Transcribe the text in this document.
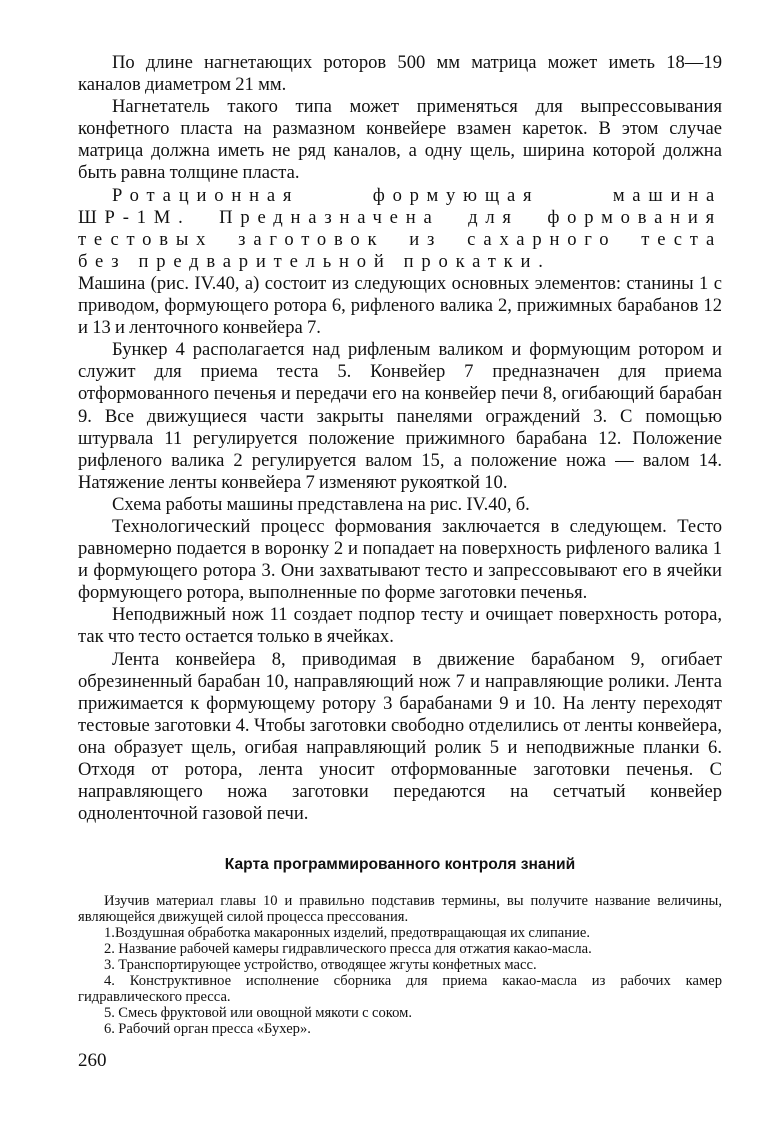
По длине нагнетающих роторов 500 мм матрица может иметь 18—19 каналов диаметром 21 мм.

Нагнетатель такого типа может применяться для выпрессовывания конфетного пласта на размазном конвейере взамен кареток. В этом случае матрица должна иметь не ряд каналов, а одну щель, ширина которой должна быть равна толщине пласта.

Ротационная формующая машина ШР-1М. Предназначена для формования тестовых заготовок из сахарного теста без предварительной прокатки.

Машина (рис. IV.40, а) состоит из следующих основных элементов: станины 1 с приводом, формующего ротора 6, рифленого валика 2, прижимных барабанов 12 и 13 и ленточного конвейера 7.

Бункер 4 располагается над рифленым валиком и формующим ротором и служит для приема теста 5. Конвейер 7 предназначен для приема отформованного печенья и передачи его на конвейер печи 8, огибающий барабан 9. Все движущиеся части закрыты панелями ограждений 3. С помощью штурвала 11 регулируется положение прижимного барабана 12. Положение рифленого валика 2 регулируется валом 15, а положение ножа — валом 14. Натяжение ленты конвейера 7 изменяют рукояткой 10.

Схема работы машины представлена на рис. IV.40, б.

Технологический процесс формования заключается в следующем. Тесто равномерно подается в воронку 2 и попадает на поверхность рифленого валика 1 и формующего ротора 3. Они захватывают тесто и запрессовывают его в ячейки формующего ротора, выполненные по форме заготовки печенья.

Неподвижный нож 11 создает подпор тесту и очищает поверхность ротора, так что тесто остается только в ячейках.

Лента конвейера 8, приводимая в движение барабаном 9, огибает обрезиненный барабан 10, направляющий нож 7 и направляющие ролики. Лента прижимается к формующему ротору 3 барабанами 9 и 10. На ленту переходят тестовые заготовки 4. Чтобы заготовки свободно отделились от ленты конвейера, она образует щель, огибая направляющий ролик 5 и неподвижные планки 6. Отходя от ротора, лента уносит отформованные заготовки печенья. С направляющего ножа заготовки передаются на сетчатый конвейер одноленточной газовой печи.

Карта программированного контроля знаний

Изучив материал главы 10 и правильно подставив термины, вы получите название величины, являющейся движущей силой процесса прессования.

1.Воздушная обработка макаронных изделий, предотвращающая их слипание.

2. Название рабочей камеры гидравлического пресса для отжатия какао-масла.

3. Транспортирующее устройство, отводящее жгуты конфетных масс.

4. Конструктивное исполнение сборника для приема какао-масла из рабочих камер гидравлического пресса.

5. Смесь фруктовой или овощной мякоти с соком.

6. Рабочий орган пресса «Бухер».

260
